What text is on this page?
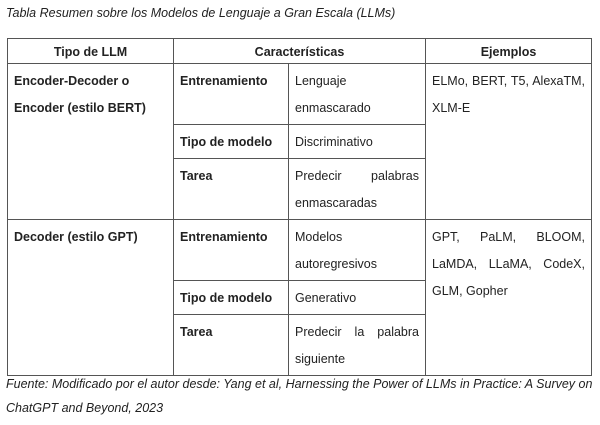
Tabla Resumen sobre los Modelos de Lenguaje a Gran Escala (LLMs)
Tipo de LLM	Características		Ejemplos
Encoder-Decoder o Encoder (estilo BERT)	Entrenamiento	Lenguaje enmascarado	ELMo, BERT, T5, AlexaTM, XLM-E
	Tipo de modelo	Discriminativo	
	Tarea	Predecir palabras enmascaradas	
Decoder (estilo GPT)	Entrenamiento	Modelos autoregresivos	GPT, PaLM, BLOOM, LaMDA, LLaMA, CodeX, GLM, Gopher
	Tipo de modelo	Generativo	
	Tarea	Predecir la palabra siguiente	
Fuente: Modificado por el autor desde: Yang et al, Harnessing the Power of LLMs in Practice: A Survey on ChatGPT and Beyond, 2023
